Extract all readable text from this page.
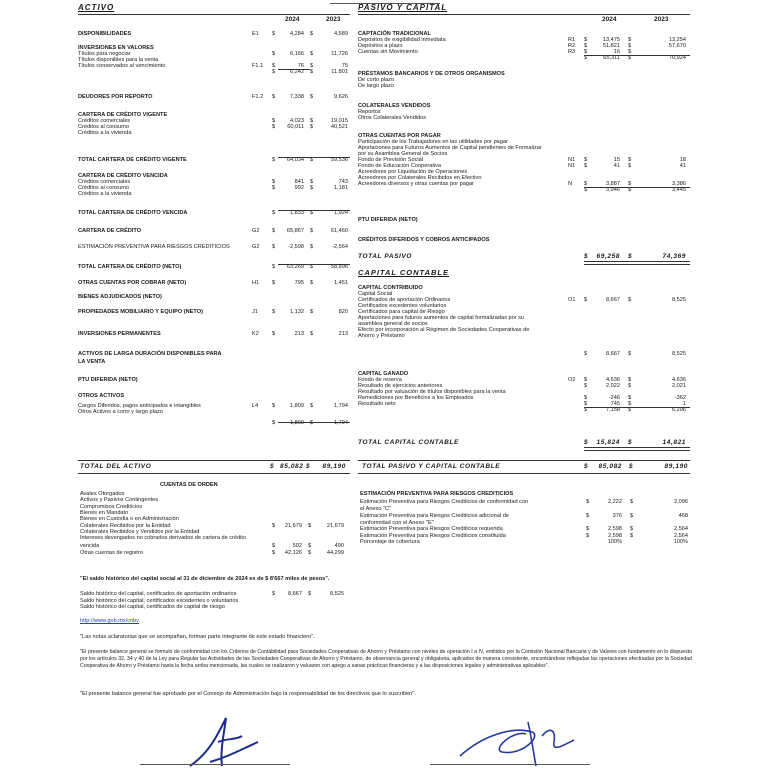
ACTIVO
2024	2023
DISPONIBILIDADES	E1 $	4,284 $	4,589
INVERSIONES EN VALORES
Títulos para negociar	$	6,166 $	11,726
Títulos disponibles para la venta
Títulos conservados al vencimiento	F1.1 $	76 $	75
$	6,242 $	11,801
DEUDORES POR REPORTO	F1.2 $	7,338 $	9,626
CARTERA DE CRÉDITO VIGENTE
Créditos comerciales	$	4,023 $	19,015
Créditos al consumo	$	60,011 $	40,521
Créditos a la vivienda
TOTAL CARTERA DE CRÉDITO VIGENTE	$	64,034 $	59,536
CARTERA DE CRÉDITO VENCIDA
Créditos comerciales	$	841 $	743
Créditos al consumo	$	992 $	1,181
Créditos a la vivienda
TOTAL CARTERA DE CRÉDITO VENCIDA	$	1,833 $	1,924
CARTERA DE CRÉDITO	G2 $	65,867 $	61,460
ESTIMACIÓN PREVENTIVA PARA RIESGOS CREDITICIOS	G2 $	-2,598 $	-2,564
TOTAL CARTERA DE CRÉDITO (NETO)	$	63,269 $	58,896
OTRAS CUENTAS POR COBRAR (NETO)	H1 $	795 $	1,451
BIENES ADJUDICADOS (NETO)
PROPIEDADES MOBILIARIO Y EQUIPO (NETO)	J1	$	1,132 $	820
INVERSIONES PERMANENTES	K2 $	213 $	213
ACTIVOS DE LARGA DURACIÓN DISPONIBLES PARA
LA VENTA
PTU DIFERIDA (NETO)
OTROS ACTIVOS
Cargos Diferidos, pagos anticipados e intangibles	L4 $	1,809 $	1,794
Otros Activos a corto y largo plazo
$	1,809 $	1,794
PASIVO Y CAPITAL
2024	2023
CAPTACIÓN TRADICIONAL
Depósitos de exigibilidad inmediata	R1 $	13,475 $	13,254
Depósitos a plazo	R2 $	51,821 $	57,670
Cuentas sin Movimiento	R3 $	16 $
$	65,311 $	70,924
PRÉSTAMOS BANCARIOS Y DE OTROS ORGANISMOS
De corto plazo
De largo plazo
COLATERALES VENDIDOS
Reportos
Otros Colaterales Vendidos
OTRAS CUENTAS POR PAGAR
Participación de los Trabajadores en las utilidades por pagar
Aportaciones para Futuros Aumentos de Capital pendientes de Formalizar
por su Asamblea General de Socios
Fondo de Previsión Social	N1 $	15 $	18
Fondo de Educación Cooperativa	N1 $	41 $	41
Acreedores por Liquidación de Operaciones
Acreedores por Colaterales Recibidos en Efectivo
Acreedores diversos y otras cuentas por pagar	N $	3,887 $	3,386
$	3,946 $	3,445
PTU DIFERIDA (NETO)
CRÉDITOS DIFERIDOS Y COBROS ANTICIPADOS
TOTAL PASIVO	$	69,258 $	74,369
CAPITAL CONTABLE
CAPITAL CONTRIBUIDO
Capital Social
Certificados de aportación Ordinarios	O1 $	8,667 $	8,525
Certificados excedentes voluntarios
Certificados para capital de Riesgo
Aportaciones para futuros aumentos de capital formalizadas por su
asamblea general de socios
Efecto por incorporación al Régimen de Sociedades Cooperativas de
Ahorro y Préstamo
$	8,667 $	8,525
CAPITAL GANADO
Fondo de reserva	O2 $	4,636 $	4,636
Resultado de ejercicios anteriores	$	2,022 $	2,021
Resultado por valuación de títulos disponibles para la venta
Remediciones por Beneficios a los Empleados	$	-246 $	-362
Resultado neto	$	745 $	1
$	7,158 $	6,296
TOTAL CAPITAL CONTABLE	$	15,824 $	14,821
TOTAL DEL ACTIVO	$ 85,082 $	89,190 TOTAL PASIVO Y CAPITAL CONTABLE	$	85,082 $	89,190
CUENTAS DE ORDEN
Avales Otorgados
Activos y Pasivos Contingentes
Compromisos Crediticios
Bienes en Mandato
Bienes en Custodia o en Administración
Colaterales Recibidos por la Entidad	$	21,679 $	21,679
Colaterales Recibidos y Vendidos por la Entidad
Intereses devengados no cobrados derivados de cartera de crédito
vencida	$	502 $	490
Otras cuentas de registro	$	42,126 $	44,299
ESTIMACIÓN PREVENTIVA PARA RIESGOS CREDITICIOS
Estimación Preventiva para Riesgos Crediticios de conformidad con	$	2,222 $	2,096
el Anexo "C"
Estimación Preventiva para Riesgos Crediticios adicional de	$	376 $	468
conformidad con el Anexo "E"
Estimación Preventiva para Riesgos Crediticios requerida	$	2,598 $	2,564
Estimación Preventiva para Riesgos Crediticios constituida	$	2,598 $	2,564
Porcentaje de cobertura	100%	100%
"El saldo histórico del capital social al 31 de diciembre de 2024 es de $ 8'667 miles de pesos".
Saldo histórico del capital, certificados de aportación ordinarios	$	8,667 $	8,525
Saldo histórico del capital, certificados excedentes o voluntarios
Saldo histórico del capital, certificados de capital de riesgo
http://www.gob.mx/cnbv
"Las notas aclaratorias que se acompañan, forman parte integrante de este estado financiero".
"El presente balance general se formuló de conformidad con los Criterios de Contabilidad para Sociedades Cooperativas de Ahorro y Préstamo con niveles de operación I a IV, emitidos por la Comisión Nacional Bancaria y de Valores con fundamento en lo dispuesto por los artículos 32, 34 y 40 de la Ley para Regular las Actividades de las Sociedades Cooperativas de Ahorro y Préstamo, de observancia general y obligatoria, aplicados de manera consistente, encontrándose reflejadas las operaciones efectuadas por la Sociedad Cooperativa de Ahorro y Préstamo hasta la fecha arriba mencionada, las cuales se realizaron y valuaron con apego a sanas prácticas financieras y a las disposiciones legales y administrativas aplicables".
"El presente balance general fue aprobado por el Consejo de Administración bajo la responsabilidad de los directivos que lo suscriben".
